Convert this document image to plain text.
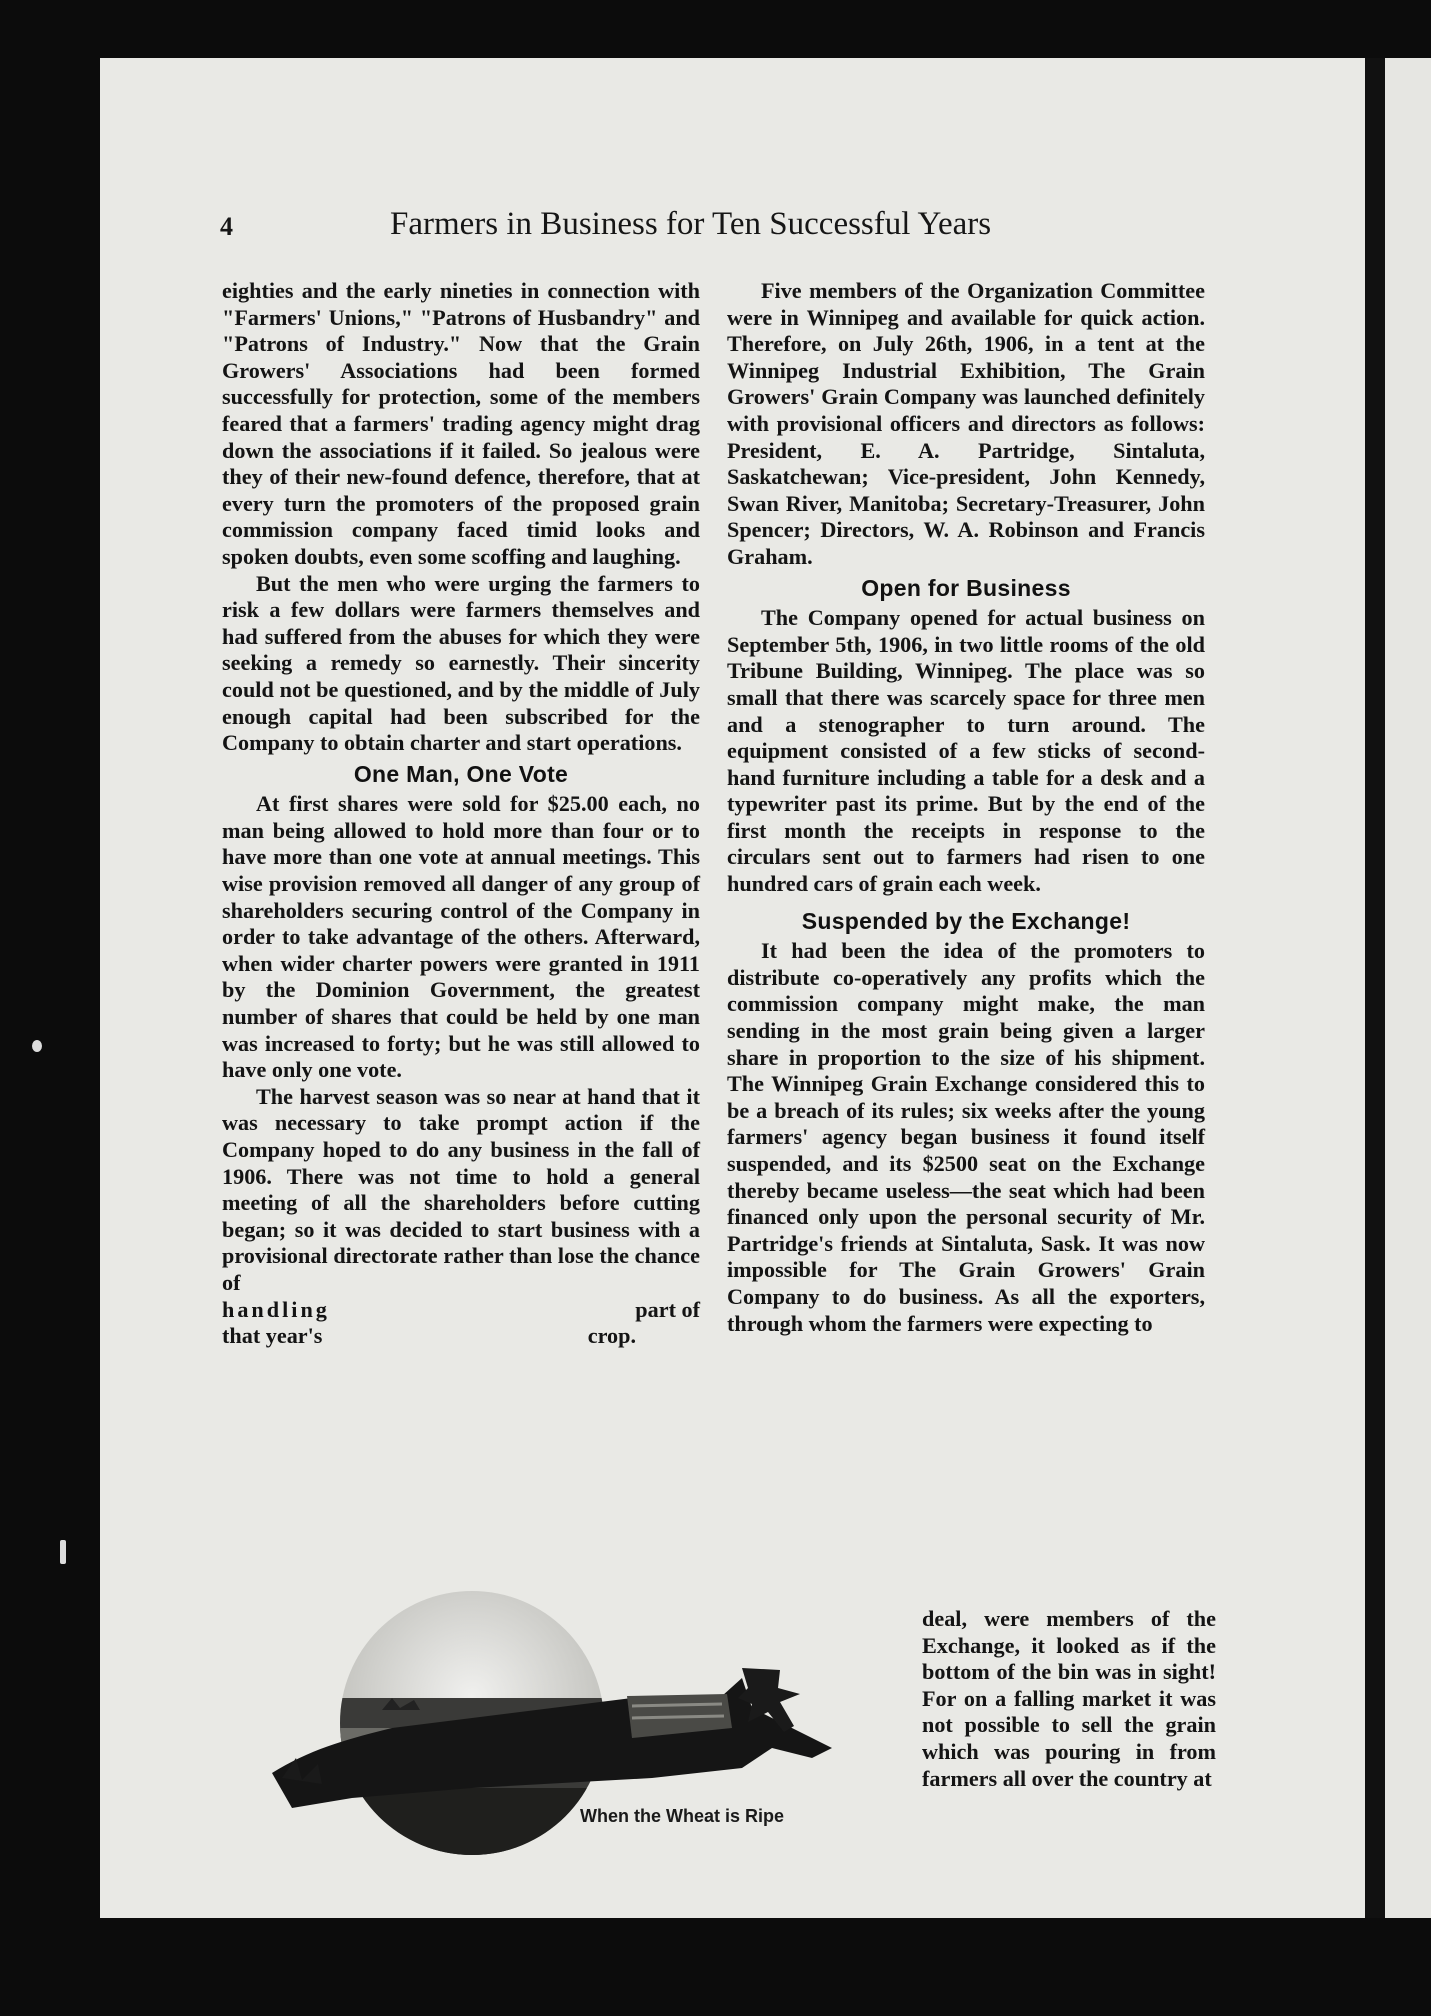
4	Farmers in Business for Ten Successful Years

eighties and the early nineties in connection with "Farmers' Unions," "Patrons of Husbandry" and "Patrons of Industry." Now that the Grain Growers' Associations had been formed successfully for protection, some of the members feared that a farmers' trading agency might drag down the associations if it failed. So jealous were they of their new-found defence, therefore, that at every turn the promoters of the proposed grain commission company faced timid looks and spoken doubts, even some scoffing and laughing.

But the men who were urging the farmers to risk a few dollars were farmers themselves and had suffered from the abuses for which they were seeking a remedy so earnestly. Their sincerity could not be questioned, and by the middle of July enough capital had been subscribed for the Company to obtain charter and start operations.

One Man, One Vote

At first shares were sold for $25.00 each, no man being allowed to hold more than four or to have more than one vote at annual meetings. This wise provision removed all danger of any group of shareholders securing control of the Company in order to take advantage of the others. Afterward, when wider charter powers were granted in 1911 by the Dominion Government, the greatest number of shares that could be held by one man was increased to forty; but he was still allowed to have only one vote.

The harvest season was so near at hand that it was necessary to take prompt action if the Company hoped to do any business in the fall of 1906. There was not time to hold a general meeting of all the shareholders before cutting began; so it was decided to start business with a provisional directorate rather than lose the chance of

handling	part of
that year's	crop.

Five members of the Organization Committee were in Winnipeg and available for quick action. Therefore, on July 26th, 1906, in a tent at the Winnipeg Industrial Exhibition, The Grain Growers' Grain Company was launched definitely with provisional officers and directors as follows: President, E. A. Partridge, Sintaluta, Saskatchewan; Vice-president, John Kennedy, Swan River, Manitoba; Secretary-Treasurer, John Spencer; Directors, W. A. Robinson and Francis Graham.

Open for Business

The Company opened for actual business on September 5th, 1906, in two little rooms of the old Tribune Building, Winnipeg. The place was so small that there was scarcely space for three men and a stenographer to turn around. The equipment consisted of a few sticks of second-hand furniture including a table for a desk and a typewriter past its prime. But by the end of the first month the receipts in response to the circulars sent out to farmers had risen to one hundred cars of grain each week.

Suspended by the Exchange!

It had been the idea of the promoters to distribute co-operatively any profits which the commission company might make, the man sending in the most grain being given a larger share in proportion to the size of his shipment. The Winnipeg Grain Exchange considered this to be a breach of its rules; six weeks after the young farmers' agency began business it found itself suspended, and its $2500 seat on the Exchange thereby became useless—the seat which had been financed only upon the personal security of Mr. Partridge's friends at Sintaluta, Sask. It was now impossible for The Grain Growers' Grain Company to do business. As all the exporters, through whom the farmers were expecting to

deal, were members of the Exchange, it looked as if the bottom of the bin was in sight! For on a falling market it was not possible to sell the grain which was pouring in from farmers all over the country at
When the Wheat is Ripe
